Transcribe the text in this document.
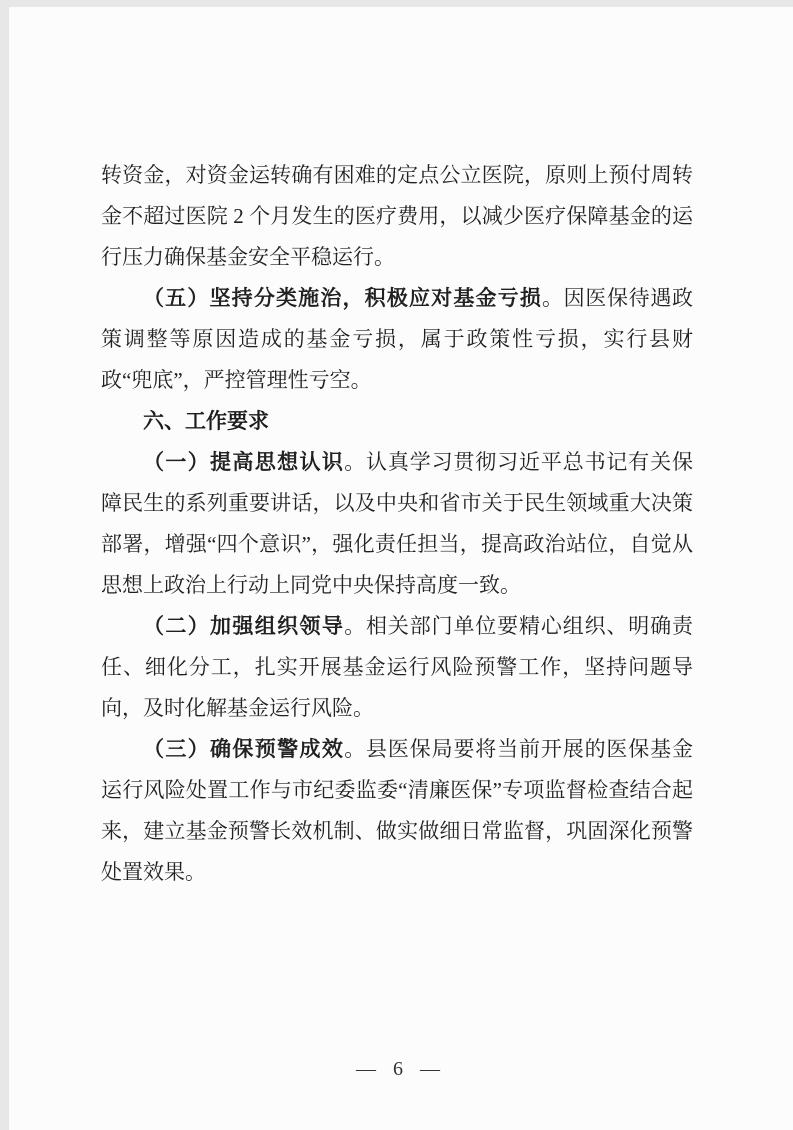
转资金，对资金运转确有困难的定点公立医院，原则上预付周转金不超过医院 2 个月发生的医疗费用，以减少医疗保障基金的运行压力确保基金安全平稳运行。

（五）坚持分类施治，积极应对基金亏损。因医保待遇政策调整等原因造成的基金亏损，属于政策性亏损，实行县财政“兜底”，严控管理性亏空。

六、工作要求

（一）提高思想认识。认真学习贯彻习近平总书记有关保障民生的系列重要讲话，以及中央和省市关于民生领域重大决策部署，增强“四个意识”，强化责任担当，提高政治站位，自觉从思想上政治上行动上同党中央保持高度一致。

（二）加强组织领导。相关部门单位要精心组织、明确责任、细化分工，扎实开展基金运行风险预警工作，坚持问题导向，及时化解基金运行风险。

（三）确保预警成效。县医保局要将当前开展的医保基金运行风险处置工作与市纪委监委“清廉医保”专项监督检查结合起来，建立基金预警长效机制、做实做细日常监督，巩固深化预警处置效果。

— 6 —
